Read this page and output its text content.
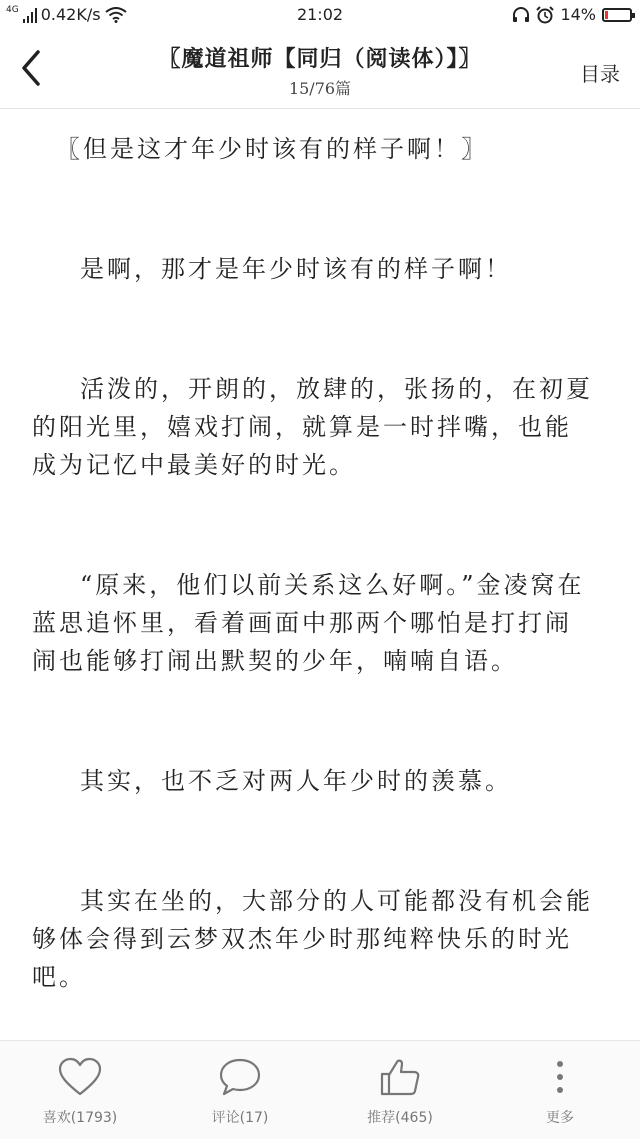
4G 0.42K/s	21:02	14%
〖魔道祖师【同归（阅读体）】〗
15/76篇
目录

〖但是这才年少时该有的样子啊！〗

是啊，那才是年少时该有的样子啊！

活泼的，开朗的，放肆的，张扬的，在初夏的阳光里，嬉戏打闹，就算是一时拌嘴，也能成为记忆中最美好的时光。

“原来，他们以前关系这么好啊。”金凌窝在蓝思追怀里，看着画面中那两个哪怕是打打闹闹也能够打闹出默契的少年，喃喃自语。

其实，也不乏对两人年少时的羡慕。

其实在坐的，大部分的人可能都没有机会能够体会得到云梦双杰年少时那纯粹快乐的时光吧。

喜欢(1793)	评论(17)	推荐(465)	更多
